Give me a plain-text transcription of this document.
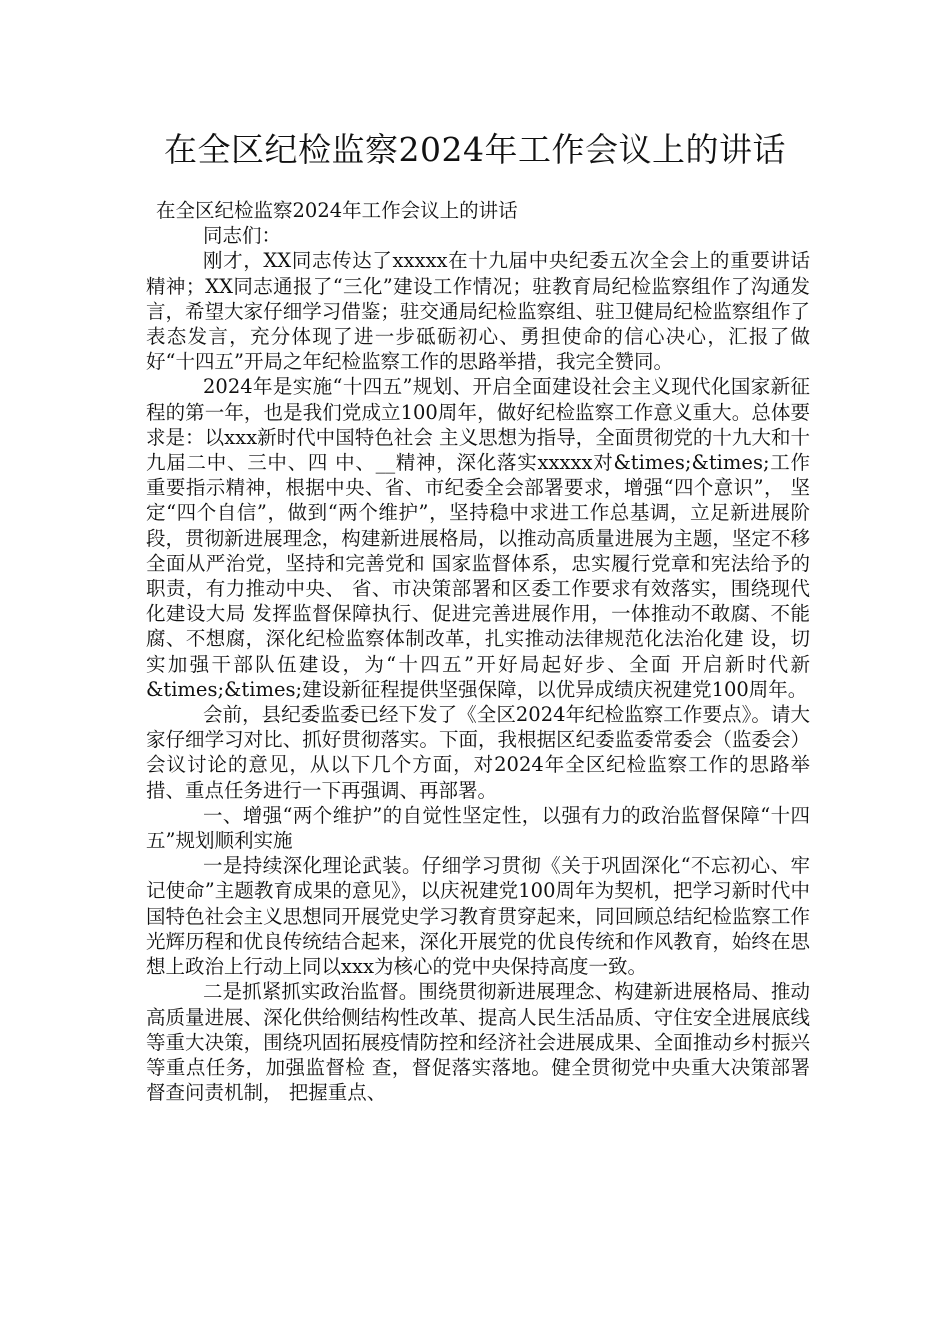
在全区纪检监察2024年工作会议上的讲话

在全区纪检监察2024年工作会议上的讲话

同志们：

刚才，XX同志传达了xxxxx在十九届中央纪委五次全会上的重要讲话精神；XX同志通报了“三化”建设工作情况；驻教育局纪检监察组作了沟通发言，希望大家仔细学习借鉴；驻交通局纪检监察组、驻卫健局纪检监察组作了表态发言，充分体现了进一步砥砺初心、勇担使命的信心决心，汇报了做好“十四五”开局之年纪检监察工作的思路举措，我完全赞同。

2024年是实施“十四五”规划、开启全面建设社会主义现代化国家新征程的第一年，也是我们党成立100周年，做好纪检监察工作意义重大。总体要求是：以xxx新时代中国特色社会 主义思想为指导，全面贯彻党的十九大和十九届二中、三中、四 中、__精神，深化落实xxxxx对&times;&times;工作重要指示精神，根据中央、省、市纪委全会部署要求，增强“四个意识”， 坚定“四个自信”，做到“两个维护”，坚持稳中求进工作总基调，立足新进展阶段，贯彻新进展理念，构建新进展格局，以推动高质量进展为主题，坚定不移全面从严治党，坚持和完善党和 国家监督体系，忠实履行党章和宪法给予的职责，有力推动中央、 省、市决策部署和区委工作要求有效落实，围绕现代化建设大局 发挥监督保障执行、促进完善进展作用，一体推动不敢腐、不能 腐、不想腐，深化纪检监察体制改革，扎实推动法律规范化法治化建 设，切实加强干部队伍建设，为“十四五”开好局起好步、全面 开启新时代新&times;&times;建设新征程提供坚强保障，以优异成绩庆祝建党100周年。

会前，县纪委监委已经下发了《全区2024年纪检监察工作要点》。请大家仔细学习对比、抓好贯彻落实。下面，我根据区纪委监委常委会（监委会）会议讨论的意见，从以下几个方面，对2024年全区纪检监察工作的思路举措、重点任务进行一下再强调、再部署。

一、增强“两个维护”的自觉性坚定性，以强有力的政治监督保障“十四五”规划顺利实施

一是持续深化理论武装。仔细学习贯彻《关于巩固深化“不忘初心、牢记使命”主题教育成果的意见》，以庆祝建党100周年为契机，把学习新时代中国特色社会主义思想同开展党史学习教育贯穿起来，同回顾总结纪检监察工作光辉历程和优良传统结合起来，深化开展党的优良传统和作风教育，始终在思想上政治上行动上同以xxx为核心的党中央保持高度一致。

二是抓紧抓实政治监督。围绕贯彻新进展理念、构建新进展格局、推动高质量进展、深化供给侧结构性改革、提高人民生活品质、守住安全进展底线等重大决策，围绕巩固拓展疫情防控和经济社会进展成果、全面推动乡村振兴等重点任务，加强监督检 查，督促落实落地。健全贯彻党中央重大决策部署督查问责机制， 把握重点、
